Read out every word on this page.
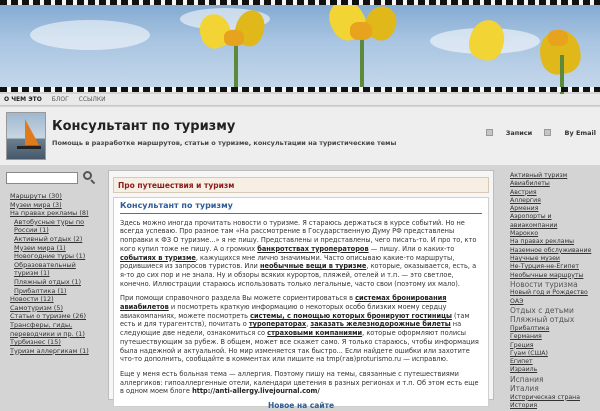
О ЧЕМ ЭТО БЛОГ ССЫЛКИ
Консультант по туризму
Помощь в разработке маршрутов, статьи о туризме, консультации на туристические темы
Записи	By Email
Маршруты (30)
Музеи мира (3)
На правах рекламы (8)
Автобусные туры по России (1)
Активный отдых (2)
Музеи мира (1)
Новогодние туры (1)
Образовательный туризм (1)
Пляжный отдых (1)
Прибалтика (1)
Новости (12)
Самотуризм (5)
Статьи о туризме (26)
Трансферы, гиды, переводчики и пр. (1)
Турбизнес (15)
Туризм аллергикам (1)
Про путешествия и туризм
Консультант по туризму

Здесь можно иногда прочитать новости о туризме. Я стараюсь держаться в курсе событий. Но не всегда успеваю. Про разное там «На рассмотрение в Государственную Думу РФ представлены поправки к ФЗ О туризме...» я не пишу. Представлены и представлены, чего писать-то. И про то, кто кого купил тоже не пишу. А о громких банкротствах туроператоров — пишу. Или о каких-то событиях в туризме, кажущихся мне лично значимыми. Часто описываю какие-то маршруты, родившиеся из запросов туристов. Или необычные вещи в туризме, которые, оказывается, есть, а я-то до сих пор и не знала. Ну и обзоры всяких курортов, пляжей, отелей и т.п. — это светлое, конечно. Иллюстрации стараюсь использовать только легальные, часто свои (поэтому их мало).

При помощи справочного раздела Вы можете сориентироваться в системах бронирования авиабилетов и посмотреть краткую информацию о некоторых особо близких моему сердцу авиакомпаниях, можете посмотреть системы, с помощью которых бронируют гостиницы (там есть и для турагентств), почитать о туроператорах, заказать железнодорожные билеты на следующие две недели, ознакомиться со страховыми компаниями, которые оформляют полисы путешествующим за рубеж. В общем, может все скажет само. Я только стараюсь, чтобы информация была надежной и актуальной. Но мир изменяется так быстро... Если найдете ошибки или захотите что-то дополнить, сообщайте в комментах или пишите на tmp(гав)proturismo.ru — исправлю.

Еще у меня есть больная тема — аллергия. Поэтому пишу на темы, связанные с путешествиями аллергиков: гипоаллергенные отели, календари цветения в разных регионах и т.п. Об этом есть еще в одном моем блоге http://anti-allergy.livejournal.com/

Новое на сайте
Активный туризм
Авиабилеты
Австрия
Аллергия
Армения
Аэропорты и авиакомпании
Марокко
На правах рекламы
Наземное обслуживание
Научные музеи
Не-Турция-не-Египет
Необычные маршруты
Новости туризма
Новый год и Рождество
ОАЭ
Отдых с детьми
Пляжный отдых
Прибалтика
Германия
Греция
Гуам (США)
Египет
Израиль
Испания
Италия
Историческая страна
История
